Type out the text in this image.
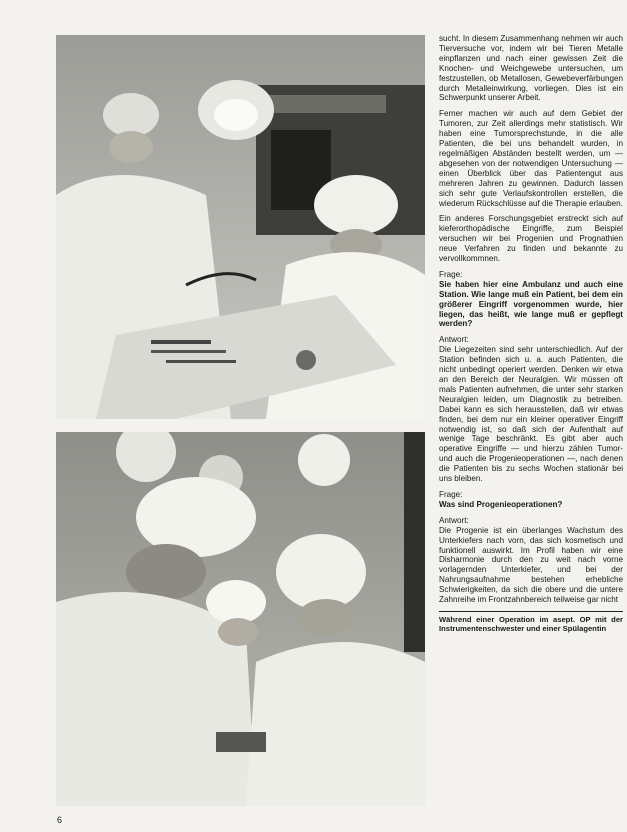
sucht. In diesem Zusammenhang nehmen wir auch Tierversuche vor, indem wir bei Tieren Metalle einpflanzen und nach einer gewissen Zeit die Knochen- und Weichgewebe untersuchen, um festzustellen, ob Metallosen, Gewebeverfärbungen durch Metalleinwirkung, vorliegen. Dies ist ein Schwerpunkt unserer Arbeit.

Ferner machen wir auch auf dem Gebiet der Tumoren, zur Zeit allerdings mehr statistisch. Wir haben eine Tumorsprechstunde, in die alle Patienten, die bei uns behandelt wurden, in regelmäßigen Abständen bestellt werden, um — abgesehen von der notwendigen Untersuchung — einen Überblick über das Patientengut aus mehreren Jahren zu gewinnen. Dadurch lassen sich sehr gute Verlaufskontrollen erstellen, die wiederum Rückschlüsse auf die Therapie erlauben.

Ein anderes Forschungsgebiet erstreckt sich auf kieferorthopädische Eingriffe, zum Beispiel versuchen wir bei Progenien und Prognathien neue Verfahren zu finden und bekannte zu vervollkommnen.

Frage:

Sie haben hier eine Ambulanz und auch eine Station. Wie lange muß ein Patient, bei dem ein größerer Eingriff vorgenommen wurde, hier liegen, das heißt, wie lange muß er gepflegt werden?

Antwort:

Die Liegezeiten sind sehr unterschiedlich. Auf der Station befinden sich u. a. auch Patienten, die nicht unbedingt operiert werden. Denken wir etwa an den Bereich der Neuralgien. Wir müssen oft mals Patienten aufnehmen, die unter sehr starken Neuralgien leiden, um Diagnostik zu betreiben. Dabei kann es sich herausstellen, daß wir etwas finden, bei dem nur ein kleiner operativer Eingriff notwendig ist, so daß sich der Aufenthalt auf wenige Tage beschränkt. Es gibt aber auch operative Eingriffe — und hierzu zählen Tumor- und auch die Progenieoperationen —, nach denen die Patienten bis zu sechs Wochen stationär bei uns bleiben.

Frage:

Was sind Progenieoperationen?

Antwort:

Die Progenie ist ein überlanges Wachstum des Unterkiefers nach vorn, das sich kosmetisch und funktionell auswirkt. Im Profil haben wir eine Disharmonie durch den zu weit nach vorne vorlagernden Unterkiefer, und bei der Nahrungsaufnahme bestehen erhebliche Schwierigkeiten, da sich die obere und die untere Zahnreihe im Frontzahnbereich teilweise gar nicht

Während einer Operation im asept. OP mit der Instrumentenschwester und einer Spülagentin

6
